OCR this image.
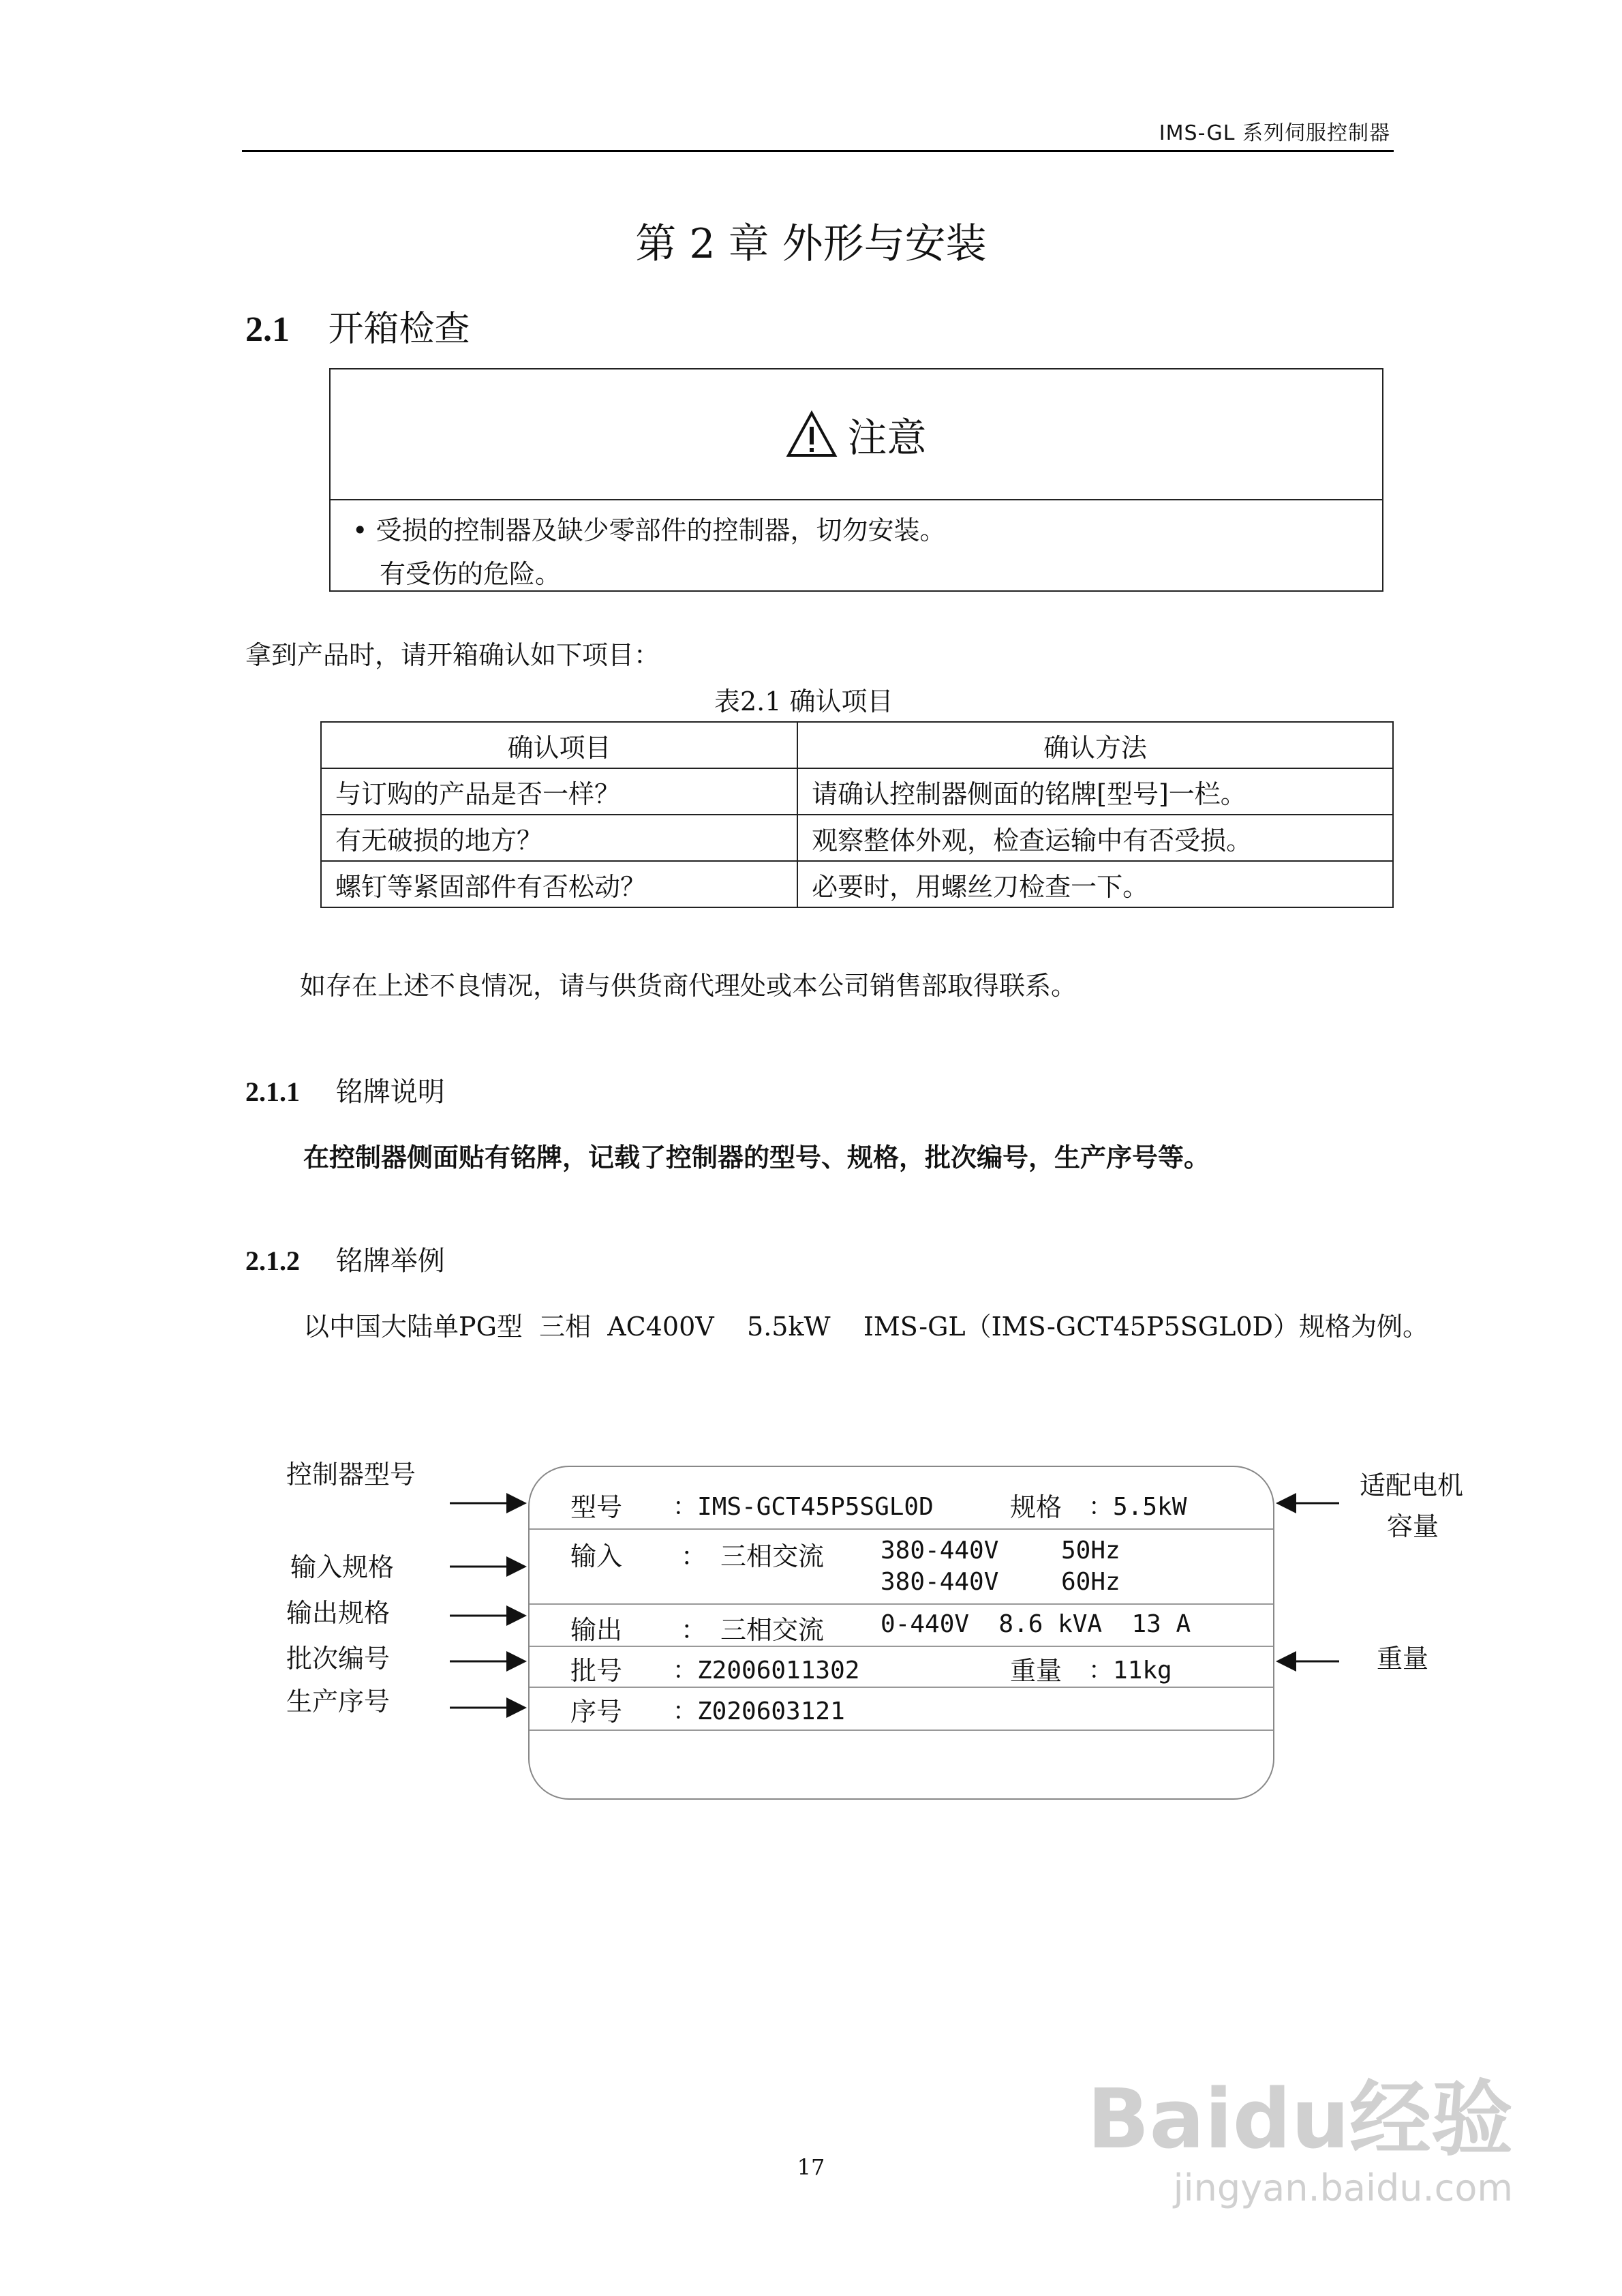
IMS-GL 系列伺服控制器
第 2 章 外形与安装
2.1 开箱检查
注意
• 受损的控制器及缺少零部件的控制器，切勿安装。
有受伤的危险。
拿到产品时，请开箱确认如下项目：
表2.1 确认项目
确认项目	确认方法
与订购的产品是否一样？	请确认控制器侧面的铭牌[型号]一栏。
有无破损的地方？	观察整体外观，检查运输中有否受损。
螺钉等紧固部件有否松动？	必要时，用螺丝刀检查一下。
如存在上述不良情况，请与供货商代理处或本公司销售部取得联系。
2.1.1 铭牌说明
在控制器侧面贴有铭牌，记载了控制器的型号、规格，批次编号，生产序号等。
2.1.2 铭牌举例
以中国大陆单PG型  三相  AC400V    5.5kW    IMS-GL（IMS-GCT45P5SGL0D）规格为例。
型号 ：IMS-GCT45P5SGL0D	规格 ：5.5kW
输入 ： 三相交流 380-440V	50Hz
380-440V	60Hz
输出 ： 三相交流 0-440V  8.6 kVA  13 A
批号 ：Z2006011302	重量 ：11kg
序号 ：Z020603121
控制器型号
输入规格
输出规格
批次编号
生产序号
适配电机
容量
重量
17	Baidu经验
jingyan.baidu.com
